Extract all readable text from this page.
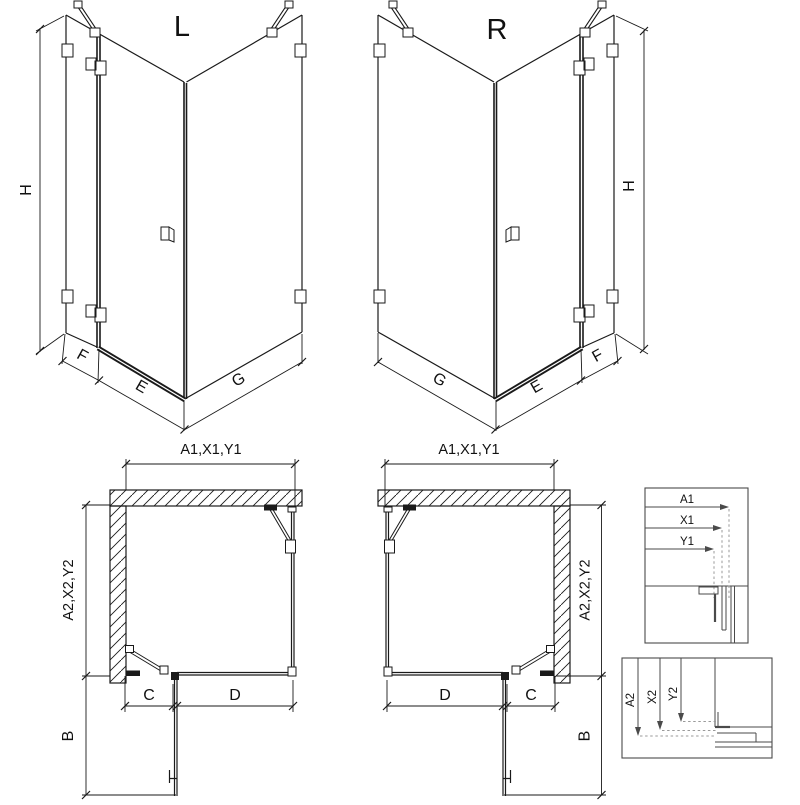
L
H
F
E	G
R
H
F
E
G
A1,X1,Y1
A2,X2,Y2
B
C	D
A1,X1,Y1
A2,X2,Y2
B
C
D
A1
X1
Y1
A2 X2 Y2
